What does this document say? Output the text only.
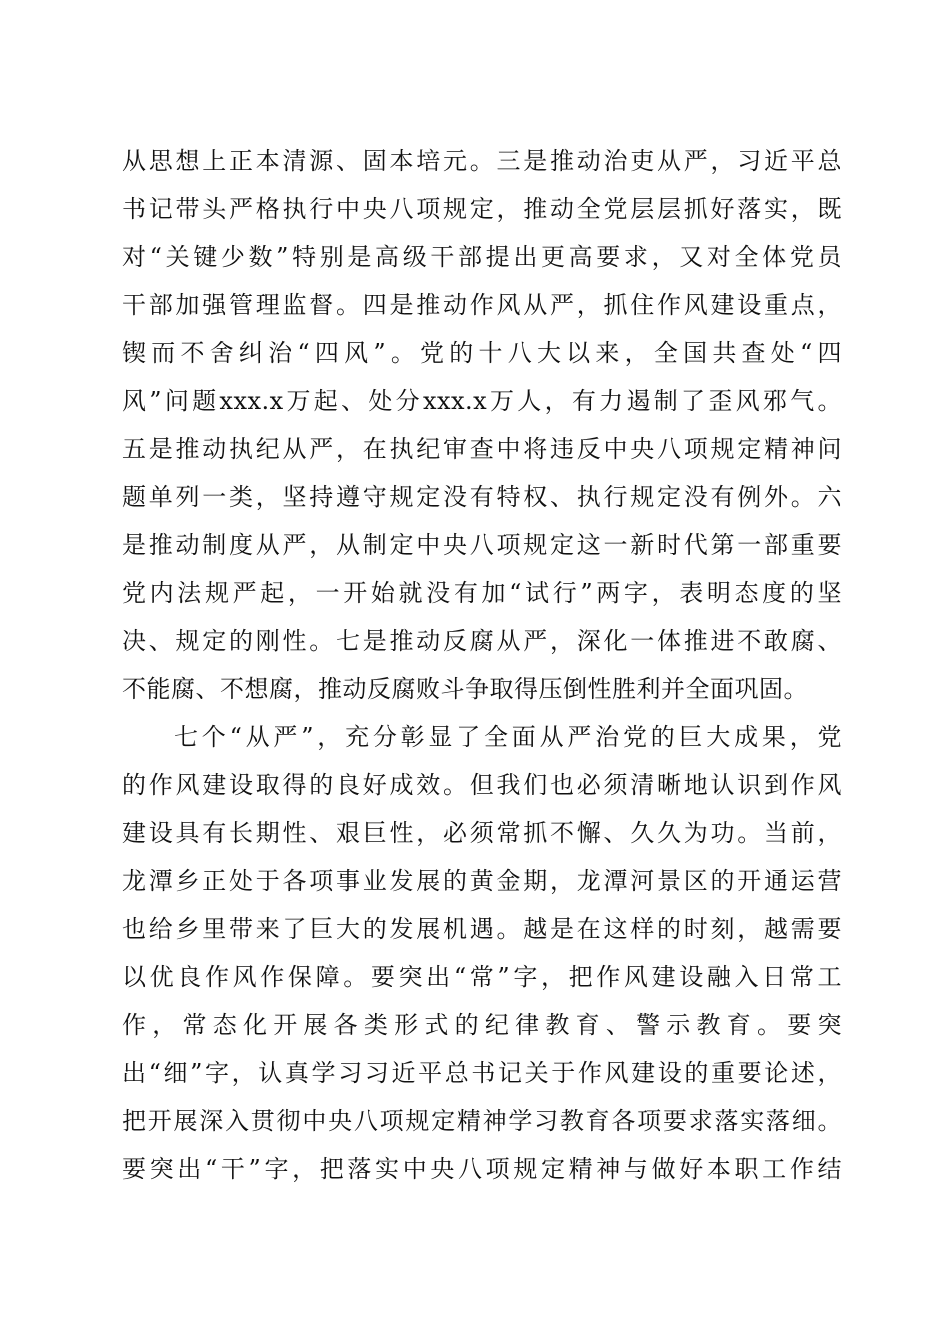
从思想上正本清源、固本培元。三是推动治吏从严，习近平总
书记带头严格执行中央八项规定，推动全党层层抓好落实，既
对“关键少数”特别是高级干部提出更高要求，又对全体党员
干部加强管理监督。四是推动作风从严，抓住作风建设重点，
锲而不舍纠治“四风”。党的十八大以来，全国共查处“四
风”问题xxx.x万起、处分xxx.x万人，有力遏制了歪风邪气。
五是推动执纪从严，在执纪审查中将违反中央八项规定精神问
题单列一类，坚持遵守规定没有特权、执行规定没有例外。六
是推动制度从严，从制定中央八项规定这一新时代第一部重要
党内法规严起，一开始就没有加“试行”两字，表明态度的坚
决、规定的刚性。七是推动反腐从严，深化一体推进不敢腐、
不能腐、不想腐，推动反腐败斗争取得压倒性胜利并全面巩固。
七个“从严”，充分彰显了全面从严治党的巨大成果，党
的作风建设取得的良好成效。但我们也必须清晰地认识到作风
建设具有长期性、艰巨性，必须常抓不懈、久久为功。当前，
龙潭乡正处于各项事业发展的黄金期，龙潭河景区的开通运营
也给乡里带来了巨大的发展机遇。越是在这样的时刻，越需要
以优良作风作保障。要突出“常”字，把作风建设融入日常工
作，常态化开展各类形式的纪律教育、警示教育。要突
出“细”字，认真学习习近平总书记关于作风建设的重要论述，
把开展深入贯彻中央八项规定精神学习教育各项要求落实落细。
要突出“干”字，把落实中央八项规定精神与做好本职工作结
